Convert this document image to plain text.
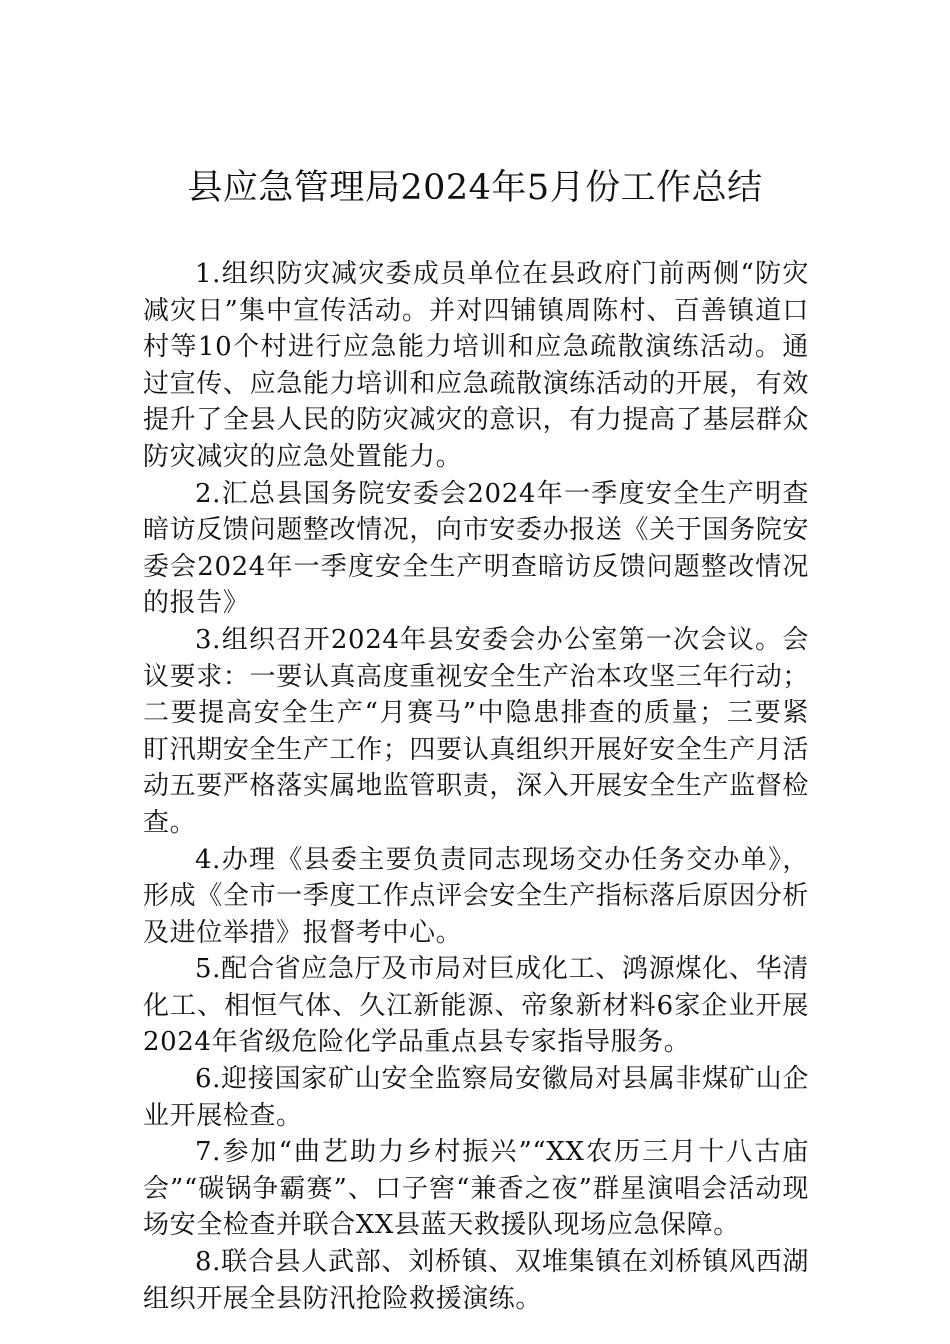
县应急管理局2024年5月份工作总结

1.组织防灾减灾委成员单位在县政府门前两侧“防灾减灾日”集中宣传活动。并对四铺镇周陈村、百善镇道口村等10个村进行应急能力培训和应急疏散演练活动。通过宣传、应急能力培训和应急疏散演练活动的开展，有效提升了全县人民的防灾减灾的意识，有力提高了基层群众防灾减灾的应急处置能力。

2.汇总县国务院安委会2024年一季度安全生产明查暗访反馈问题整改情况，向市安委办报送《关于国务院安委会2024年一季度安全生产明查暗访反馈问题整改情况的报告》

3.组织召开2024年县安委会办公室第一次会议。会议要求：一要认真高度重视安全生产治本攻坚三年行动；二要提高安全生产“月赛马”中隐患排查的质量；三要紧盯汛期安全生产工作；四要认真组织开展好安全生产月活动五要严格落实属地监管职责，深入开展安全生产监督检查。

4.办理《县委主要负责同志现场交办任务交办单》，形成《全市一季度工作点评会安全生产指标落后原因分析及进位举措》报督考中心。

5.配合省应急厅及市局对巨成化工、鸿源煤化、华清化工、相恒气体、久江新能源、帝象新材料6家企业开展2024年省级危险化学品重点县专家指导服务。

6.迎接国家矿山安全监察局安徽局对县属非煤矿山企业开展检查。

7.参加“曲艺助力乡村振兴”“XX农历三月十八古庙会”“碳锅争霸赛”、口子窖“兼香之夜”群星演唱会活动现场安全检查并联合XX县蓝天救援队现场应急保障。

8.联合县人武部、刘桥镇、双堆集镇在刘桥镇风西湖组织开展全县防汛抢险救援演练。
